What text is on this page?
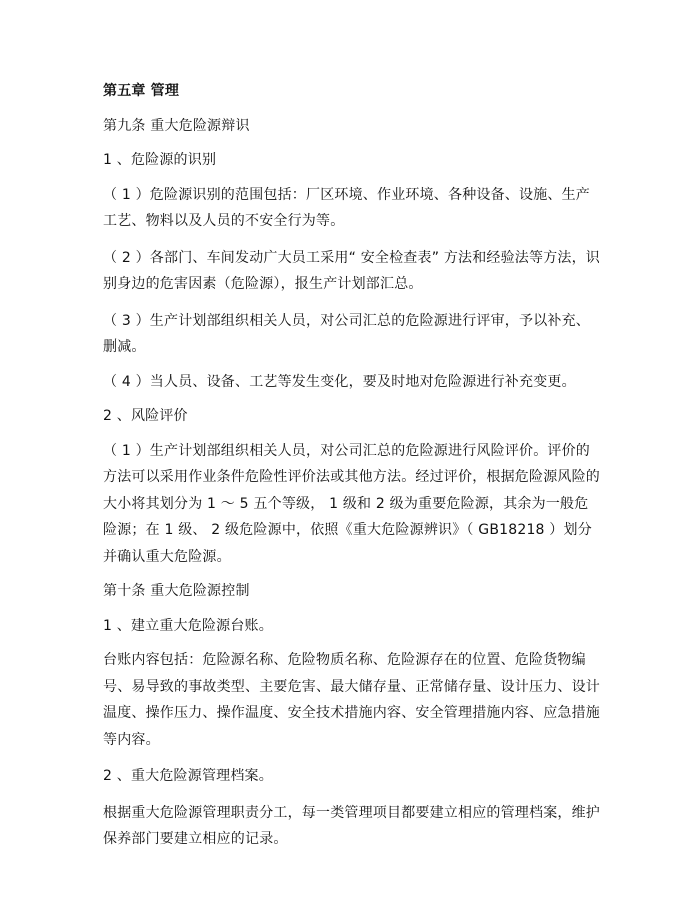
第五章 管理

第九条 重大危险源辩识

1 、危险源的识别

（ 1 ）危险源识别的范围包括：厂区环境、作业环境、各种设备、设施、生产工艺、物料以及人员的不安全行为等。

（ 2 ）各部门、车间发动广大员工采用“ 安全检查表” 方法和经验法等方法，识别身边的危害因素（危险源），报生产计划部汇总。

（ 3 ）生产计划部组织相关人员，对公司汇总的危险源进行评审，予以补充、删减。

（ 4 ）当人员、设备、工艺等发生变化，要及时地对危险源进行补充变更。

2 、风险评价

（ 1 ）生产计划部组织相关人员，对公司汇总的危险源进行风险评价。评价的方法可以采用作业条件危险性评价法或其他方法。经过评价，根据危险源风险的大小将其划分为 1 ～ 5 五个等级， 1 级和 2 级为重要危险源，其余为一般危险源；在 1 级、 2 级危险源中，依照《重大危险源辨识》（ GB18218 ）划分并确认重大危险源。

第十条 重大危险源控制

1 、建立重大危险源台账。

台账内容包括：危险源名称、危险物质名称、危险源存在的位置、危险货物编号、易导致的事故类型、主要危害、最大储存量、正常储存量、设计压力、设计温度、操作压力、操作温度、安全技术措施内容、安全管理措施内容、应急措施等内容。

2 、重大危险源管理档案。

根据重大危险源管理职责分工，每一类管理项目都要建立相应的管理档案，维护保养部门要建立相应的记录。
